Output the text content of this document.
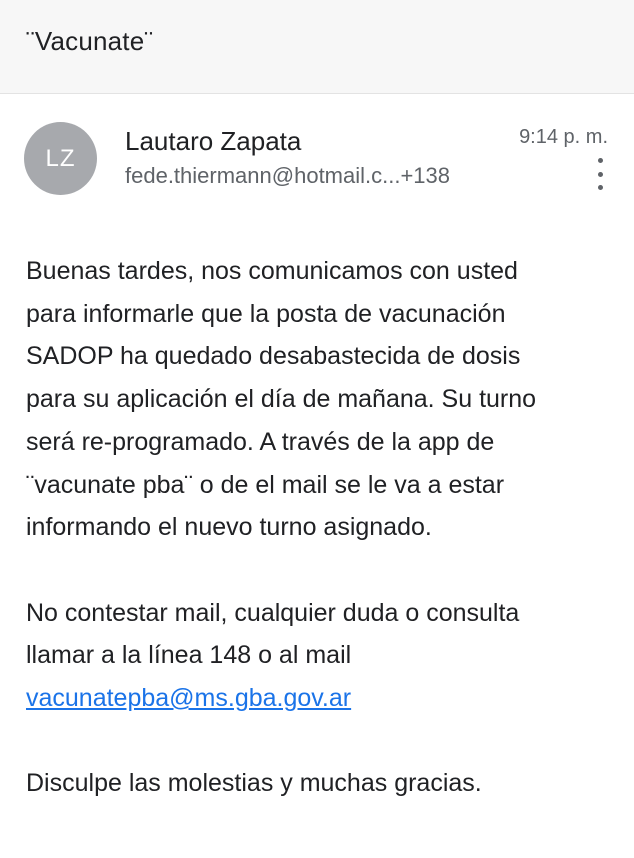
¨Vacunate¨
LZ
Lautaro Zapata
fede.thiermann@hotmail.c...+138
9:14 p. m.
Buenas tardes, nos comunicamos con usted
para informarle que la posta de vacunación
SADOP ha quedado desabastecida de dosis
para su aplicación el día de mañana. Su turno
será re-programado. A través de la app de
¨vacunate pba¨ o de el mail se le va a estar
informando el nuevo turno asignado.
No contestar mail, cualquier duda o consulta
llamar a la línea 148 o al mail
vacunatepba@ms.gba.gov.ar
Disculpe las molestias y muchas gracias.
